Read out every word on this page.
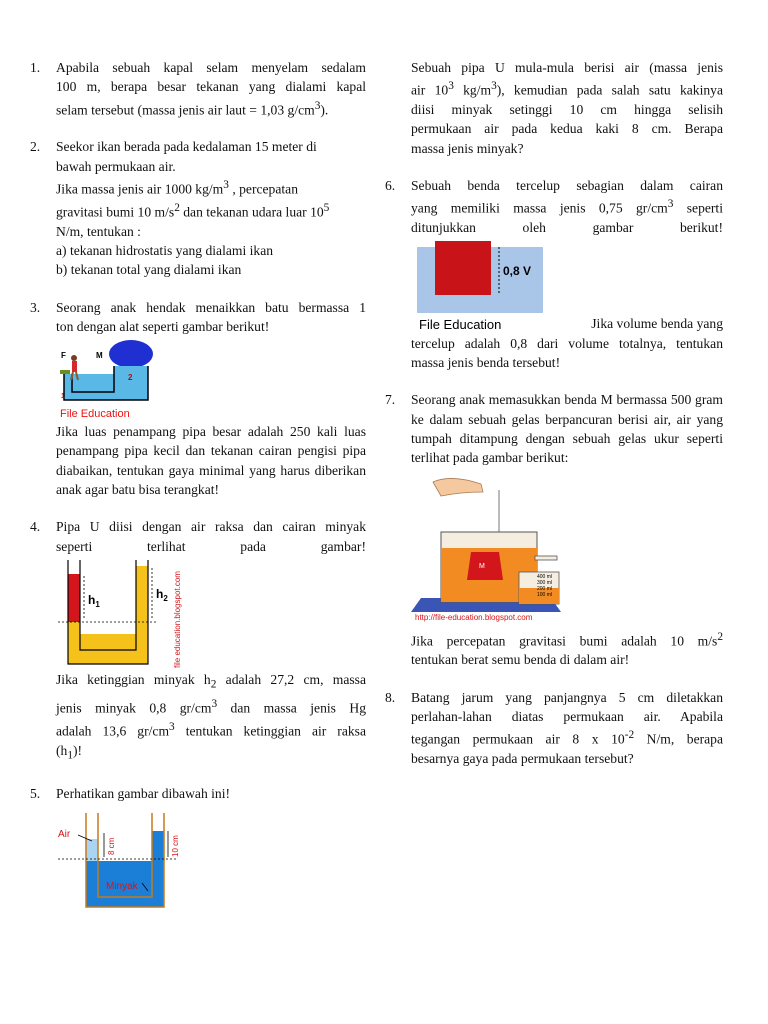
1. Apabila sebuah kapal selam menyelam sedalam
100 m, berapa besar tekanan yang dialami kapal
selam tersebut (massa jenis air laut = 1,03 $g/cm^3$).
2. Seekor ikan berada pada kedalaman 15 meter di
bawah permukaan air.
Jika massa jenis air 1000 $kg/m^3$ , percepatan
gravitasi bumi 10 $m/s^2$ dan tekanan udara luar $10^5$
N/m, tentukan :
a) tekanan hidrostatis yang dialami ikan
b) tekanan total yang dialami ikan
3. Seorang anak hendak menaikkan batu bermassa 1
ton dengan alat seperti gambar berikut!
F	M
2
1
File Education
Jika luas penampang pipa besar adalah 250 kali luas penampang pipa kecil dan tekanan cairan pengisi pipa diabaikan, tentukan gaya minimal yang harus diberikan anak agar batu bisa terangkat!
4. Pipa U diisi dengan air raksa dan cairan minyak
seperti terlihat pada gambar!
$h_1$
$h_2$ file education.blogspot.com
Jika ketinggian minyak $h_2$ adalah 27,2 cm, massa
jenis minyak 0,8 $gr/cm^3$ dan massa jenis Hg
adalah 13,6 $gr/cm^3$ tentukan ketinggian air raksa
$(h_1)$!
5. Perhatikan gambar dibawah ini!
Air
Minyak
8 cm	10 cm
Sebuah pipa U mula-mula berisi air (massa jenis
air $10^3$ $kg/m^3$), kemudian pada salah satu kakinya
diisi minyak setinggi 10 cm hingga selisih
permukaan air pada kedua kaki 8 cm. Berapa
massa jenis minyak?
6. Sebuah benda tercelup sebagian dalam cairan
yang memiliki massa jenis 0,75 $gr/cm^3$ seperti
ditunjukkan oleh gambar berikut!
0,8 V
File Education	Jika volume benda yang
tercelup adalah 0,8 dari volume totalnya, tentukan
massa jenis benda tersebut!
7. Seorang anak memasukkan benda M bermassa 500 gram ke dalam sebuah gelas berpancuran berisi air, air yang tumpah ditampung dengan sebuah gelas ukur seperti terlihat pada gambar berikut:
M
400 ml
300 ml
200 ml
100 ml
http://file-education.blogspot.com
Jika percepatan gravitasi bumi adalah 10 $m/s^2$
tentukan berat semu benda di dalam air!
8. Batang jarum yang panjangnya 5 cm diletakkan
perlahan-lahan diatas permukaan air. Apabila
tegangan permukaan air 8 x $10^{-2}$ N/m, berapa
besarnya gaya pada permukaan tersebut?
